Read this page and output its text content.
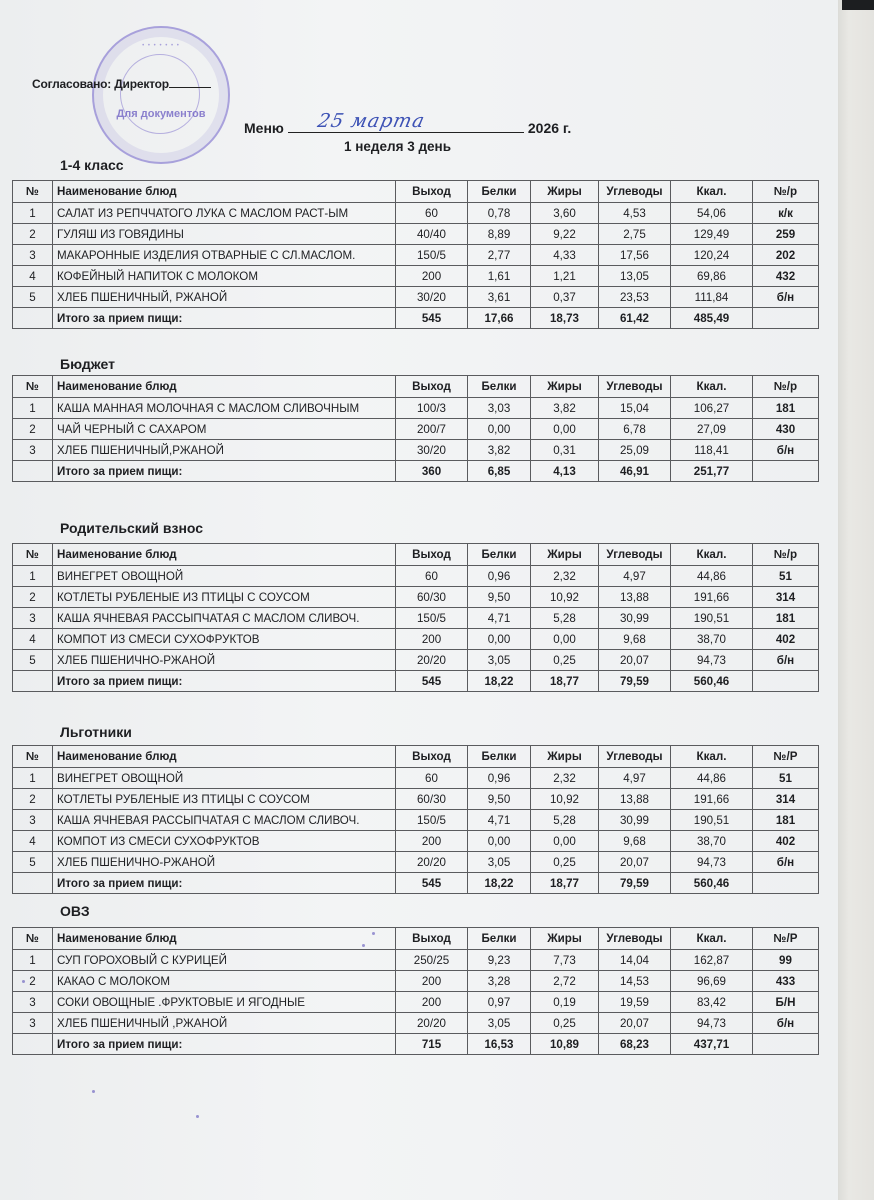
• • • • • • •
Для документов
Согласовано: Директор
Меню 25 марта	2026 г.
1 неделя 3 день
1-4 класс
№	Наименование блюд	Выход	Белки	Жиры	Углеводы	Ккал.	№/р
1	САЛАТ ИЗ РЕПЧЧАТОГО ЛУКА С МАСЛОМ РАСТ-ЫМ	60	0,78	3,60	4,53	54,06	к/к
2	ГУЛЯШ ИЗ ГОВЯДИНЫ	40/40	8,89	9,22	2,75	129,49	259
3	МАКАРОННЫЕ ИЗДЕЛИЯ ОТВАРНЫЕ С СЛ.МАСЛОМ.	150/5	2,77	4,33	17,56	120,24	202
4	КОФЕЙНЫЙ НАПИТОК С МОЛОКОМ	200	1,61	1,21	13,05	69,86	432
5	ХЛЕБ ПШЕНИЧНЫЙ, РЖАНОЙ	30/20	3,61	0,37	23,53	111,84	б/н
	Итого за прием пищи:	545	17,66	18,73	61,42	485,49	
Бюджет
№	Наименование блюд	Выход	Белки	Жиры	Углеводы	Ккал.	№/р
1	КАША МАННАЯ МОЛОЧНАЯ С МАСЛОМ СЛИВОЧНЫМ	100/3	3,03	3,82	15,04	106,27	181
2	ЧАЙ ЧЕРНЫЙ С САХАРОМ	200/7	0,00	0,00	6,78	27,09	430
3	ХЛЕБ ПШЕНИЧНЫЙ,РЖАНОЙ	30/20	3,82	0,31	25,09	118,41	б/н
	Итого за прием пищи:	360	6,85	4,13	46,91	251,77	
Родительский взнос
№	Наименование блюд	Выход	Белки	Жиры	Углеводы	Ккал.	№/р
1	ВИНЕГРЕТ ОВОЩНОЙ	60	0,96	2,32	4,97	44,86	51
2	КОТЛЕТЫ РУБЛЕНЫЕ ИЗ ПТИЦЫ С СОУСОМ	60/30	9,50	10,92	13,88	191,66	314
3	КАША ЯЧНЕВАЯ РАССЫПЧАТАЯ С МАСЛОМ СЛИВОЧ.	150/5	4,71	5,28	30,99	190,51	181
4	КОМПОТ ИЗ СМЕСИ СУХОФРУКТОВ	200	0,00	0,00	9,68	38,70	402
5	ХЛЕБ ПШЕНИЧНО-РЖАНОЙ	20/20	3,05	0,25	20,07	94,73	б/н
	Итого за прием пищи:	545	18,22	18,77	79,59	560,46	
Льготники
№	Наименование блюд	Выход	Белки	Жиры	Углеводы	Ккал.	№/Р
1	ВИНЕГРЕТ ОВОЩНОЙ	60	0,96	2,32	4,97	44,86	51
2	КОТЛЕТЫ РУБЛЕНЫЕ ИЗ ПТИЦЫ С СОУСОМ	60/30	9,50	10,92	13,88	191,66	314
3	КАША ЯЧНЕВАЯ РАССЫПЧАТАЯ С МАСЛОМ СЛИВОЧ.	150/5	4,71	5,28	30,99	190,51	181
4	КОМПОТ ИЗ СМЕСИ СУХОФРУКТОВ	200	0,00	0,00	9,68	38,70	402
5	ХЛЕБ ПШЕНИЧНО-РЖАНОЙ	20/20	3,05	0,25	20,07	94,73	б/н
	Итого за прием пищи:	545	18,22	18,77	79,59	560,46	
ОВЗ
№	Наименование блюд	Выход	Белки	Жиры	Углеводы	Ккал.	№/Р
1	СУП ГОРОХОВЫЙ С КУРИЦЕЙ	250/25	9,23	7,73	14,04	162,87	99
2	КАКАО С МОЛОКОМ	200	3,28	2,72	14,53	96,69	433
3	СОКИ ОВОЩНЫЕ .ФРУКТОВЫЕ И ЯГОДНЫЕ	200	0,97	0,19	19,59	83,42	Б/Н
3	ХЛЕБ ПШЕНИЧНЫЙ ,РЖАНОЙ	20/20	3,05	0,25	20,07	94,73	б/н
	Итого за прием пищи:	715	16,53	10,89	68,23	437,71	
